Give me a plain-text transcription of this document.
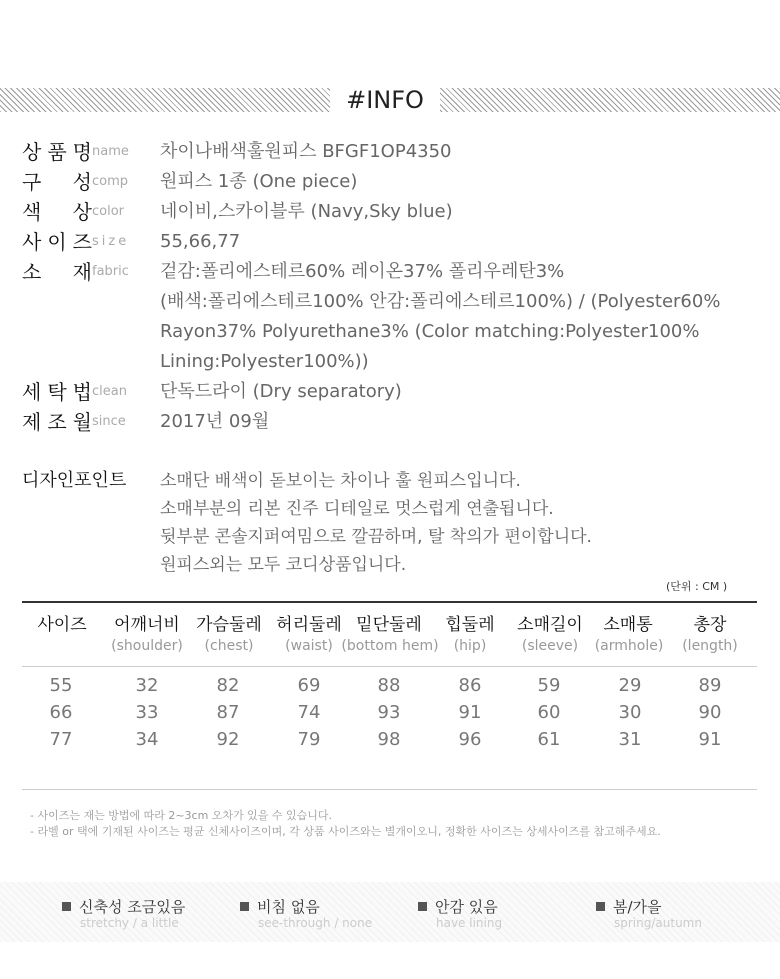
#INFO
상 품 명 name 차이나배색훌원피스 BFGF1OP4350
구 성 comp 원피스 1종 (One piece)
색 상 color 네이비,스카이블루 (Navy,Sky blue)
사 이 즈 size 55,66,77
소 재 fabric 겉감:폴리에스테르60% 레이온37% 폴리우레탄3%
(배색:폴리에스테르100% 안감:폴리에스테르100%) / (Polyester60%
Rayon37% Polyurethane3% (Color matching:Polyester100%
Lining:Polyester100%))
세 탁 법 clean 단독드라이 (Dry separatory)
제 조 월 since 2017년 09월
디자인포인트 소매단 배색이 돋보이는 차이나 훌 원피스입니다.
소매부분의 리본 진주 디테일로 멋스럽게 연출됩니다.
뒷부분 콘솔지퍼여밈으로 깔끔하며, 탈 착의가 편이합니다.
원피스외는 모두 코디상품입니다.
(단위 : CM )
사이즈	어깨너비
(shoulder)
가슴둘레
(chest)
허리둘레
(waist)
밑단둘레
(bottom hem)
힙둘레
(hip)
소매길이
(sleeve)
소매통
(armhole)
총장
(length)
55	32	82	69	88	86	59	29	89
66	33	87	74	93	91	60	30	90
77	34	92	79	98	96	61	31	91
- 사이즈는 재는 방법에 따라 2~3cm 오차가 있을 수 있습니다.
- 라벨 or 택에 기재된 사이즈는 평균 신체사이즈이며, 각 상품 사이즈와는 별개이오니, 정확한 사이즈는 상세사이즈를 참고해주세요.
신축성 조금있음
stretchy / a little
비침 없음
see-through / none
안감 있음
have lining
봄/가을
spring/autumn
